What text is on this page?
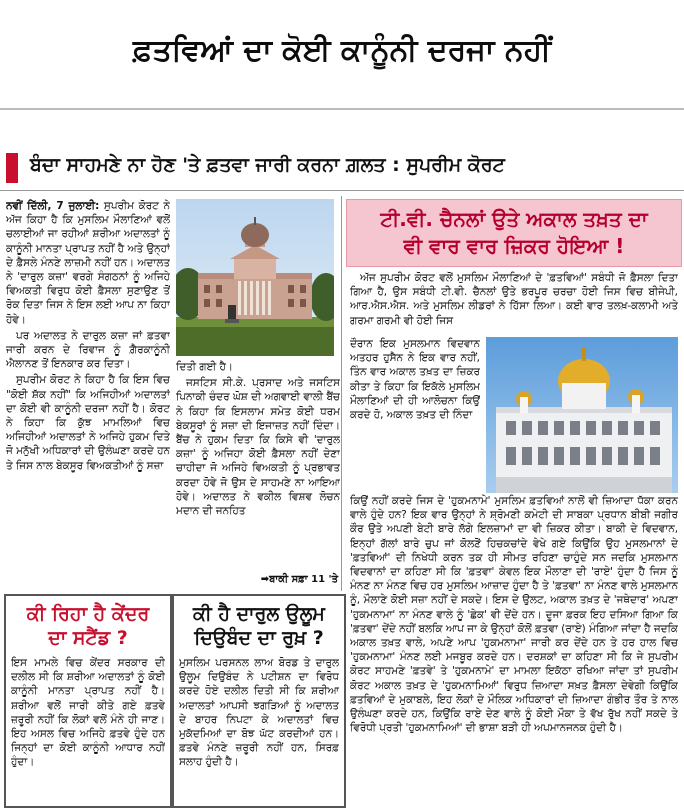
ਫ਼ਤਵਿਆਂ ਦਾ ਕੋਈ ਕਾਨੂੰਨੀ ਦਰਜਾ ਨਹੀਂ
ਬੰਦਾ ਸਾਹਮਣੇ ਨਾ ਹੋਣ 'ਤੇ ਫ਼ਤਵਾ ਜਾਰੀ ਕਰਨਾ ਗ਼ਲਤ : ਸੁਪਰੀਮ ਕੋਰਟ

ਨਵੀਂ ਦਿੱਲੀ, 7 ਜੁਲਾਈ: ਸੁਪਰੀਮ ਕੋਰਟ ਨੇ ਅੱਜ ਕਿਹਾ ਹੈ ਕਿ ਮੁਸਲਿਮ ਮੌਲਾਣਿਆਂ ਵਲੋਂ ਚਲਾਈਆਂ ਜਾ ਰਹੀਆਂ ਸ਼ਰੀਆ ਅਦਾਲਤਾਂ ਨੂੰ ਕਾਨੂੰਨੀ ਮਾਨਤਾ ਪ੍ਰਾਪਤ ਨਹੀਂ ਹੈ ਅਤੇ ਉਨ੍ਹਾਂ ਦੇ ਫ਼ੈਸਲੇ ਮੰਨਣੇ ਲਾਜ਼ਮੀ ਨਹੀਂ ਹਨ। ਅਦਾਲਤ ਨੇ 'ਦਾਰੁਲ ਕਜ਼ਾ' ਵਰਗੇ ਸੰਗਠਨਾਂ ਨੂੰ ਅਜਿਹੇ ਵਿਅਕਤੀ ਵਿਰੁਧ ਕੋਈ ਫ਼ੈਸਲਾ ਸੁਣਾਉਣ ਤੋਂ ਰੋਕ ਦਿਤਾ ਜਿਸ ਨੇ ਇਸ ਲਈ ਆਪ ਨਾ ਕਿਹਾ ਹੋਵੇ।

ਪਰ ਅਦਾਲਤ ਨੇ ਦਾਰੁਲ ਕਜ਼ਾ ਜਾਂ ਫ਼ਤਵਾ ਜਾਰੀ ਕਰਨ ਦੇ ਰਿਵਾਜ ਨੂੰ ਗ਼ੈਰਕਾਨੂੰਨੀ ਐਲਾਨਣ ਤੋਂ ਇਨਕਾਰ ਕਰ ਦਿਤਾ।

ਸੁਪਰੀਮ ਕੋਰਟ ਨੇ ਕਿਹਾ ਹੈ ਕਿ ਇਸ ਵਿਚ "ਕੋਈ ਸ਼ੱਕ ਨਹੀਂ" ਕਿ ਅਜਿਹੀਆਂ ਅਦਾਲਤਾਂ ਦਾ ਕੋਈ ਵੀ ਕਾਨੂੰਨੀ ਦਰਜਾ ਨਹੀਂ ਹੈ। ਕੋਰਟ ਨੇ ਕਿਹਾ ਕਿ ਕੁੱਝ ਮਾਮਲਿਆਂ ਵਿਚ ਅਜਿਹੀਆਂ ਅਦਾਲਤਾਂ ਨੇ ਅਜਿਹੇ ਹੁਕਮ ਦਿਤੇ ਜੋ ਮਨੁੱਖੀ ਅਧਿਕਾਰਾਂ ਦੀ ਉਲੰਘਣਾ ਕਰਦੇ ਹਨ ਤੇ ਜਿਸ ਨਾਲ ਬੇਕਸੂਰ ਵਿਅਕਤੀਆਂ ਨੂੰ ਸਜ਼ਾ

ਦਿਤੀ ਗਈ ਹੈ।

ਜਸਟਿਸ ਸੀ.ਕੇ. ਪ੍ਰਸਾਦ ਅਤੇ ਜਸਟਿਸ ਪਿਨਾਕੀ ਚੰਦਰ ਘੋਸ਼ ਦੀ ਅਗਵਾਈ ਵਾਲੀ ਬੈਂਚ ਨੇ ਕਿਹਾ ਕਿ ਇਸਲਾਮ ਸਮੇਤ ਕੋਈ ਧਰਮ ਬੇਕਸੂਰਾਂ ਨੂੰ ਸਜ਼ਾ ਦੀ ਇਜਾਜ਼ਤ ਨਹੀਂ ਦਿੰਦਾ। ਬੈਂਚ ਨੇ ਹੁਕਮ ਦਿਤਾ ਕਿ ਕਿਸੇ ਵੀ 'ਦਾਰੁਲ ਕਜ਼ਾ' ਨੂੰ ਅਜਿਹਾ ਕੋਈ ਫ਼ੈਸਲਾ ਨਹੀਂ ਦੇਣਾ ਚਾਹੀਦਾ ਜੋ ਅਜਿਹੇ ਵਿਅਕਤੀ ਨੂੰ ਪ੍ਰਭਾਵਤ ਕਰਦਾ ਹੋਵੇ ਜੋ ਉਸ ਦੇ ਸਾਹਮਣੇ ਨਾ ਆਇਆ ਹੋਵੇ। ਅਦਾਲਤ ਨੇ ਵਕੀਲ ਵਿਸ਼ਵ ਲੋਚਨ ਮਦਾਨ ਦੀ ਜਨਹਿਤ

➡ਬਾਕੀ ਸਫ਼ਾ 11 'ਤੇ
ਟੀ.ਵੀ. ਚੈਨਲਾਂ ਉਤੇ ਅਕਾਲ ਤਖ਼ਤ ਦਾ
ਵੀ ਵਾਰ ਵਾਰ ਜ਼ਿਕਰ ਹੋਇਆ !

ਅੱਜ ਸੁਪਰੀਮ ਕੋਰਟ ਵਲੋਂ ਮੁਸਲਿਮ ਮੌਲਾਣਿਆਂ ਦੇ 'ਫ਼ਤਵਿਆਂ' ਸਬੰਧੀ ਜੋ ਫ਼ੈਸਲਾ ਦਿਤਾ ਗਿਆ ਹੈ, ਉਸ ਸਬੰਧੀ ਟੀ.ਵੀ. ਚੈਨਲਾਂ ਉਤੇ ਭਰਪੂਰ ਚਰਚਾ ਹੋਈ ਜਿਸ ਵਿਚ ਬੀਜੇਪੀ, ਆਰ.ਐਸ.ਐਸ. ਅਤੇ ਮੁਸਲਿਮ ਲੀਡਰਾਂ ਨੇ ਹਿੱਸਾ ਲਿਆ। ਕਈ ਵਾਰ ਤਲਖ਼-ਕਲਾਮੀ ਅਤੇ ਗਰਮਾ ਗਰਮੀ ਵੀ ਹੋਈ ਜਿਸ

ਦੌਰਾਨ ਇਕ ਮੁਸਲਮਾਨ ਵਿਦਵਾਨ ਅਤਹਰ ਹੁਸੈਨ ਨੇ ਇਕ ਵਾਰ ਨਹੀਂ, ਤਿੰਨ ਵਾਰ ਅਕਾਲ ਤਖ਼ਤ ਦਾ ਜ਼ਿਕਰ ਕੀਤਾ ਤੇ ਕਿਹਾ ਕਿ ਇਕੱਲੇ ਮੁਸਲਿਮ ਮੌਲਾਣਿਆਂ ਦੀ ਹੀ ਆਲੋਚਨਾ ਕਿਉਂ ਕਰਦੇ ਹੋ, ਅਕਾਲ ਤਖ਼ਤ ਦੀ ਨਿੰਦਾ

ਕਿਉਂ ਨਹੀਂ ਕਰਦੇ ਜਿਸ ਦੇ 'ਹੁਕਮਨਾਮੇ' ਮੁਸਲਿਮ ਫ਼ਤਵਿਆਂ ਨਾਲੋਂ ਵੀ ਜ਼ਿਆਦਾ ਧੱਕਾ ਕਰਨ ਵਾਲੇ ਹੁੰਦੇ ਹਨ? ਇਕ ਵਾਰ ਉਨ੍ਹਾਂ ਨੇ ਸ਼੍ਰੋਮਣੀ ਕਮੇਟੀ ਦੀ ਸਾਬਕਾ ਪ੍ਰਧਾਨ ਬੀਬੀ ਜਗੀਰ ਕੌਰ ਉਤੇ ਅਪਣੀ ਬੇਟੀ ਬਾਰੇ ਲੱਗੇ ਇਲਜ਼ਾਮਾਂ ਦਾ ਵੀ ਜ਼ਿਕਰ ਕੀਤਾ। ਬਾਕੀ ਦੇ ਵਿਦਵਾਨ, ਇਨ੍ਹਾਂ ਗੱਲਾਂ ਬਾਰੇ ਚੁਪ ਜਾਂ ਕੋਲਣੋਂ ਹਿਚਕਚਾਂਦੇ ਵੇਖੇ ਗਏ ਕਿਉਂਕਿ ਉਹ ਮੁਸਲਮਾਨਾਂ ਦੇ 'ਫ਼ਤਵਿਆਂ' ਦੀ ਨਿਖੇਧੀ ਕਰਨ ਤਕ ਹੀ ਸੀਮਤ ਰਹਿਣਾ ਚਾਹੁੰਦੇ ਸਨ ਜਦਕਿ ਮੁਸਲਮਾਨ ਵਿਦਵਾਨਾਂ ਦਾ ਕਹਿਣਾ ਸੀ ਕਿ 'ਫ਼ਤਵਾ' ਕੇਵਲ ਇਕ ਮੌਲਾਣਾ ਦੀ 'ਰਾਏ' ਹੁੰਦਾ ਹੈ ਜਿਸ ਨੂੰ ਮੰਨਣ ਨਾ ਮੰਨਣ ਵਿਚ ਹਰ ਮੁਸਲਿਮ ਆਜ਼ਾਦ ਹੁੰਦਾ ਹੈ ਤੇ 'ਫ਼ਤਵਾ' ਨਾ ਮੰਨਣ ਵਾਲੇ ਮੁਸਲਮਾਨ ਨੂੰ, ਮੌਲਾਣੇ ਕੋਈ ਸਜ਼ਾ ਨਹੀਂ ਦੇ ਸਕਦੇ। ਇਸ ਦੇ ਉਲਟ, ਅਕਾਲ ਤਖ਼ਤ ਦੇ 'ਜਥੇਦਾਰ' ਅਪਣਾ 'ਹੁਕਮਨਾਮਾ' ਨਾ ਮੰਨਣ ਵਾਲੇ ਨੂੰ 'ਛੇਕ' ਵੀ ਦੇਂਦੇ ਹਨ। ਦੂਜਾ ਫ਼ਰਕ ਇਹ ਦਸਿਆ ਗਿਆ ਕਿ 'ਫ਼ਤਵਾ' ਦੇਂਦੇ ਨਹੀਂ ਬਲਕਿ ਆਪ ਜਾ ਕੇ ਉਨ੍ਹਾਂ ਕੋਲੋਂ ਫ਼ਤਵਾ (ਰਾਏ) ਮੰਗਿਆ ਜਾਂਦਾ ਹੈ ਜਦਕਿ ਅਕਾਲ ਤਖ਼ਤ ਵਾਲੇ, ਅਪਣੇ ਆਪ 'ਹੁਕਮਨਾਮਾ' ਜਾਰੀ ਕਰ ਦੇਂਦੇ ਹਨ ਤੇ ਹਰ ਹਾਲ ਵਿਚ 'ਹੁਕਮਨਾਮਾ' ਮੰਨਣ ਲਈ ਮਜਬੂਰ ਕਰਦੇ ਹਨ। ਦਰਸ਼ਕਾਂ ਦਾ ਕਹਿਣਾ ਸੀ ਕਿ ਜੇ ਸੁਪਰੀਮ ਕੋਰਟ ਸਾਹਮਣੇ 'ਫ਼ਤਵੇ' ਤੇ 'ਹੁਕਮਨਾਮੇ' ਦਾ ਮਾਮਲਾ ਇਕੱਠਾ ਰਖਿਆ ਜਾਂਦਾ ਤਾਂ ਸੁਪਰੀਮ ਕੋਰਟ ਅਕਾਲ ਤਖ਼ਤ ਦੇ 'ਹੁਕਮਨਾਮਿਆਂ' ਵਿਰੁਧ ਜ਼ਿਆਦਾ ਸਖ਼ਤ ਫ਼ੈਸਲਾ ਦੇਵੇਗੀ ਕਿਉਂਕਿ ਫ਼ਤਵਿਆਂ ਦੇ ਮੁਕਾਬਲੇ, ਇਹ ਲੋਕਾਂ ਦੇ ਮੌਲਿਕ ਅਧਿਕਾਰਾਂ ਦੀ ਜ਼ਿਆਦਾ ਗੰਭੀਰ ਤੌਰ ਤੇ ਨਾਲ ਉਲੰਘਣਾ ਕਰਦੇ ਹਨ, ਕਿਉਂਕਿ ਰਾਏ ਦੇਣ ਵਾਲੇ ਨੂੰ ਕੋਈ ਮੌਕਾ ਤੇ ਵੱਖ ਰੁੱਖ ਨਹੀਂ ਸਕਦੇ ਤੇ ਵਿਰੋਧੀ ਪ੍ਰਤੀ 'ਹੁਕਮਨਾਮਿਆਂ' ਦੀ ਭਾਸ਼ਾ ਬੜੀ ਹੀ ਅਪਮਾਨਜਨਕ ਹੁੰਦੀ ਹੈ।

ਕੀ ਰਿਹਾ ਹੈ ਕੇਂਦਰ
ਦਾ ਸਟੈਂਡ ?

ਇਸ ਮਾਮਲੇ ਵਿਚ ਕੇਂਦਰ ਸਰਕਾਰ ਦੀ ਦਲੀਲ ਸੀ ਕਿ ਸ਼ਰੀਆ ਅਦਾਲਤਾਂ ਨੂੰ ਕੋਈ ਕਾਨੂੰਨੀ ਮਾਨਤਾ ਪ੍ਰਾਪਤ ਨਹੀਂ ਹੈ। ਸ਼ਰੀਆ ਵਲੋਂ ਜਾਰੀ ਕੀਤੇ ਗਏ ਫ਼ਤਵੇ ਜ਼ਰੂਰੀ ਨਹੀਂ ਕਿ ਲੋਕਾਂ ਵਲੋਂ ਮੰਨੇ ਹੀ ਜਾਣ। ਇਹ ਅਸਲ ਵਿਚ ਅਜਿਹੇ ਫ਼ਤਵੇ ਹੁੰਦੇ ਹਨ ਜਿਨ੍ਹਾਂ ਦਾ ਕੋਈ ਕਾਨੂੰਨੀ ਆਧਾਰ ਨਹੀਂ ਹੁੰਦਾ।

ਕੀ ਹੈ ਦਾਰੁਲ ਉਲੂਮ
ਦਿਉਬੰਦ ਦਾ ਰੁਖ਼ ?

ਮੁਸਲਿਮ ਪਰਸਨਲ ਲਾਅ ਬੋਰਡ ਤੇ ਦਾਰੁਲ ਉਲੂਮ ਦਿਉਬੰਦ ਨੇ ਪਟੀਸ਼ਨ ਦਾ ਵਿਰੋਧ ਕਰਦੇ ਹੋਏ ਦਲੀਲ ਦਿਤੀ ਸੀ ਕਿ ਸ਼ਰੀਆ ਅਦਾਲਤਾਂ ਆਪਸੀ ਝਗੜਿਆਂ ਨੂੰ ਅਦਾਲਤ ਦੇ ਬਾਹਰ ਨਿਪਟਾ ਕੇ ਅਦਾਲਤਾਂ ਵਿਚ ਮੁਕੱਦਮਿਆਂ ਦਾ ਬੋਝ ਘੱਟ ਕਰਦੀਆਂ ਹਨ। ਫ਼ਤਵੇ ਮੰਨਣੇ ਜ਼ਰੂਰੀ ਨਹੀਂ ਹਨ, ਸਿਰਫ਼ ਸਲਾਹ ਹੁੰਦੀ ਹੈ।
